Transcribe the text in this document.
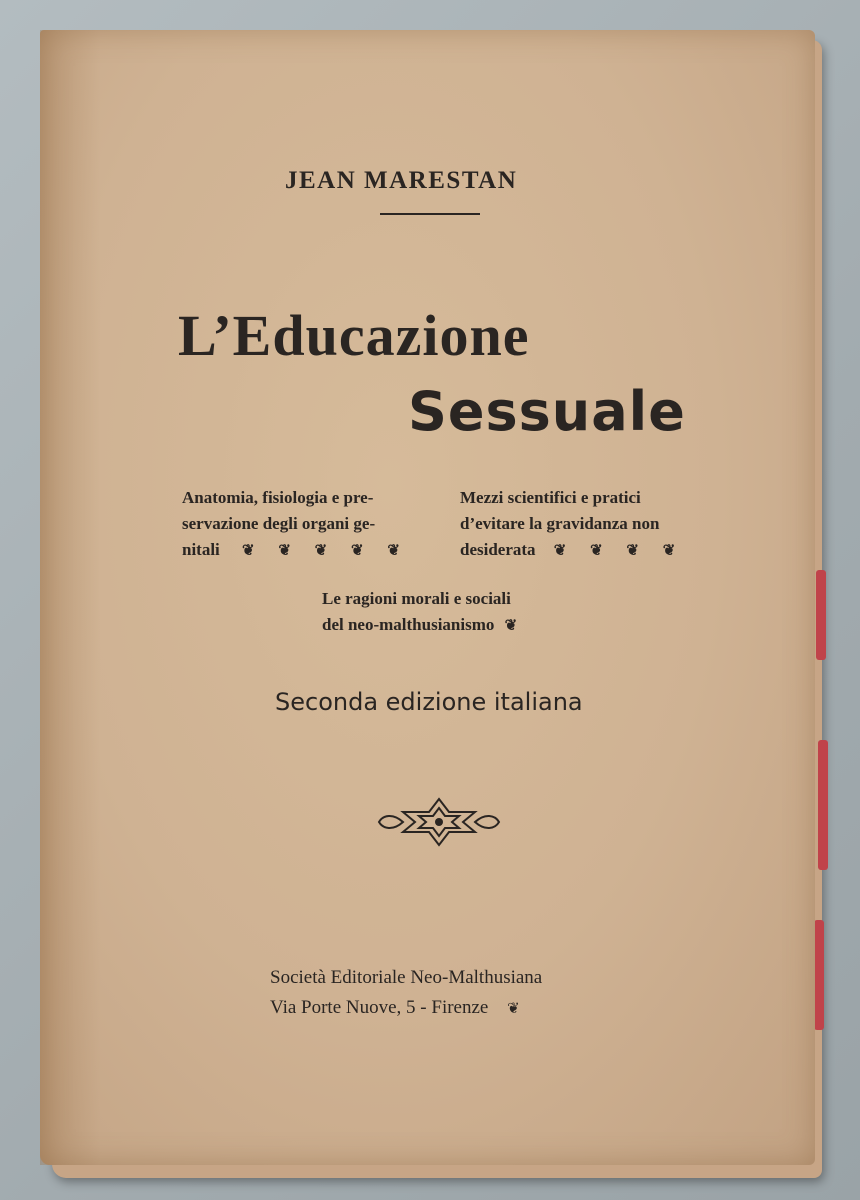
JEAN MARESTAN
L’Educazione
Sessuale
Anatomia, fisiologia e pre-
servazione degli organi ge-
nitali ❦ ❦ ❦ ❦ ❦
Mezzi scientifici e pratici
d’evitare la gravidanza non
desiderata ❦ ❦ ❦ ❦
Le ragioni morali e sociali
del neo-malthusianismo ❦
Seconda edizione italiana
Società Editoriale Neo-Malthusiana
Via Porte Nuove, 5 - Firenze ❦
